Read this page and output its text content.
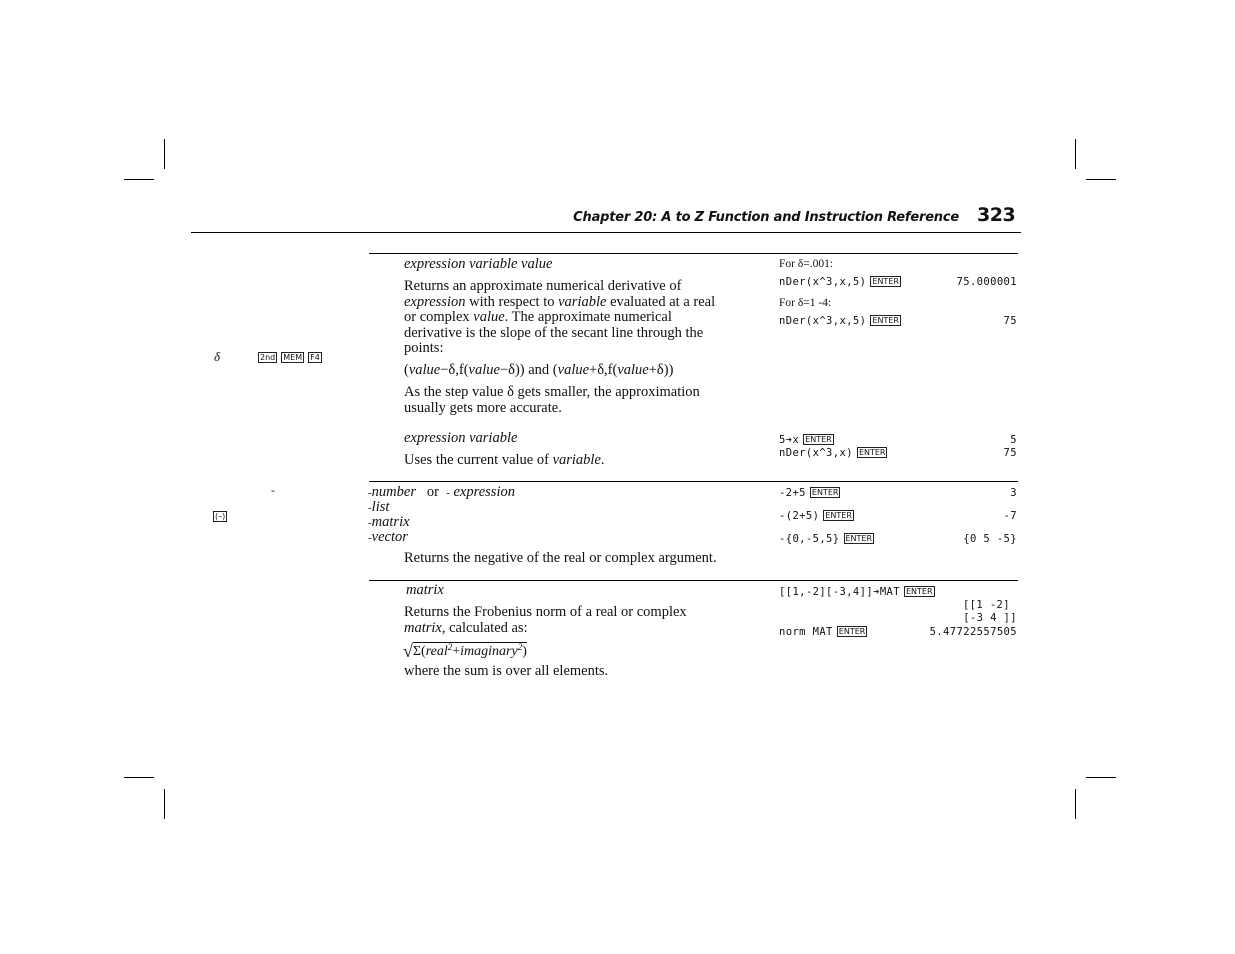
Chapter 20: A to Z Function and Instruction Reference 323
δ	2nd MEM F4
‑
(–)
expression variable value
Returns an approximate numerical derivative of
expression with respect to variable evaluated at a real
or complex value. The approximate numerical
derivative is the slope of the secant line through the
points:
(value−δ,f(value−δ)) and (value+δ,f(value+δ))
As the step value δ gets smaller, the approximation usually gets more accurate.
expression variable
Uses the current value of variable.
For δ=.001:
nDer(x^3,x,5) ENTER	75.000001
For δ=1 ‑4:
nDer(x^3,x,5) ENTER	75
5➔x ENTER	5
nDer(x^3,x) ENTER	75
‑number or ‑ expression
‑list
‑matrix
‑vector
Returns the negative of the real or complex argument.
‑2+5 ENTER	3
‑(2+5) ENTER	‑7
‑{0,‑5,5} ENTER	{0 5 ‑5}
matrix
Returns the Frobenius norm of a real or complex
matrix, calculated as:
√Σ(real$^2$+imaginary$^2$)
where the sum is over all elements.
[[1,‑2][‑3,4]]➔MAT ENTER
[[1 ‑2]
[‑3 4 ]]
norm MAT ENTER	5.47722557505
